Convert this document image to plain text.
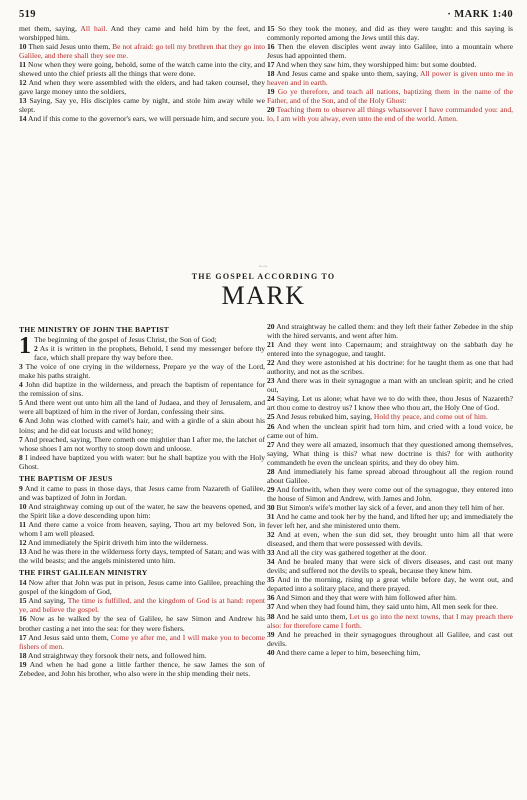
519	· MARK 1:40

met them, saying, All hail. And they came and held him by the feet, and worshipped him.

10 Then said Jesus unto them, Be not afraid: go tell my brethren that they go into Galilee, and there shall they see me.

11 Now when they were going, behold, some of the watch came into the city, and shewed unto the chief priests all the things that were done.

12 And when they were assembled with the elders, and had taken counsel, they gave large money unto the soldiers,

13 Saying, Say ye, His disciples came by night, and stole him away while we slept.

14 And if this come to the governor's ears, we will persuade him, and secure you.

15 So they took the money, and did as they were taught: and this saying is commonly reported among the Jews until this day.

16 Then the eleven disciples went away into Galilee, into a mountain where Jesus had appointed them.

17 And when they saw him, they worshipped him: but some doubted.

18 And Jesus came and spake unto them, saying, All power is given unto me in heaven and in earth.

19 Go ye therefore, and teach all nations, baptizing them in the name of the Father, and of the Son, and of the Holy Ghost:

20 Teaching them to observe all things whatsoever I have commanded you: and, lo, I am with you alway, even unto the end of the world. Amen.

~~
THE GOSPEL ACCORDING TO
MARK
THE MINISTRY OF JOHN THE BAPTIST

1 The beginning of the gospel of Jesus Christ, the Son of God;

2 As it is written in the prophets, Behold, I send my messenger before thy face, which shall prepare thy way before thee.

3 The voice of one crying in the wilderness, Prepare ye the way of the Lord, make his paths straight.

4 John did baptize in the wilderness, and preach the baptism of repentance for the remission of sins.

5 And there went out unto him all the land of Judaea, and they of Jerusalem, and were all baptized of him in the river of Jordan, confessing their sins.

6 And John was clothed with camel's hair, and with a girdle of a skin about his loins; and he did eat locusts and wild honey;

7 And preached, saying, There cometh one mightier than I after me, the latchet of whose shoes I am not worthy to stoop down and unloose.

8 I indeed have baptized you with water: but he shall baptize you with the Holy Ghost.

THE BAPTISM OF JESUS

9 And it came to pass in those days, that Jesus came from Nazareth of Galilee, and was baptized of John in Jordan.

10 And straightway coming up out of the water, he saw the heavens opened, and the Spirit like a dove descending upon him:

11 And there came a voice from heaven, saying, Thou art my beloved Son, in whom I am well pleased.

12 And immediately the Spirit driveth him into the wilderness.

13 And he was there in the wilderness forty days, tempted of Satan; and was with the wild beasts; and the angels ministered unto him.

THE FIRST GALILEAN MINISTRY

14 Now after that John was put in prison, Jesus came into Galilee, preaching the gospel of the kingdom of God,

15 And saying, The time is fulfilled, and the kingdom of God is at hand: repent ye, and believe the gospel.

16 Now as he walked by the sea of Galilee, he saw Simon and Andrew his brother casting a net into the sea: for they were fishers.

17 And Jesus said unto them, Come ye after me, and I will make you to become fishers of men.

18 And straightway they forsook their nets, and followed him.

19 And when he had gone a little farther thence, he saw James the son of Zebedee, and John his brother, who also were in the ship mending their nets.

20 And straightway he called them: and they left their father Zebedee in the ship with the hired servants, and went after him.

21 And they went into Capernaum; and straightway on the sabbath day he entered into the synagogue, and taught.

22 And they were astonished at his doctrine: for he taught them as one that had authority, and not as the scribes.

23 And there was in their synagogue a man with an unclean spirit; and he cried out,

24 Saying, Let us alone; what have we to do with thee, thou Jesus of Nazareth? art thou come to destroy us? I know thee who thou art, the Holy One of God.

25 And Jesus rebuked him, saying, Hold thy peace, and come out of him.

26 And when the unclean spirit had torn him, and cried with a loud voice, he came out of him.

27 And they were all amazed, insomuch that they questioned among themselves, saying, What thing is this? what new doctrine is this? for with authority commandeth he even the unclean spirits, and they do obey him.

28 And immediately his fame spread abroad throughout all the region round about Galilee.

29 And forthwith, when they were come out of the synagogue, they entered into the house of Simon and Andrew, with James and John.

30 But Simon's wife's mother lay sick of a fever, and anon they tell him of her.

31 And he came and took her by the hand, and lifted her up; and immediately the fever left her, and she ministered unto them.

32 And at even, when the sun did set, they brought unto him all that were diseased, and them that were possessed with devils.

33 And all the city was gathered together at the door.

34 And he healed many that were sick of divers diseases, and cast out many devils; and suffered not the devils to speak, because they knew him.

35 And in the morning, rising up a great while before day, he went out, and departed into a solitary place, and there prayed.

36 And Simon and they that were with him followed after him.

37 And when they had found him, they said unto him, All men seek for thee.

38 And he said unto them, Let us go into the next towns, that I may preach there also: for therefore came I forth.

39 And he preached in their synagogues throughout all Galilee, and cast out devils.

40 And there came a leper to him, beseeching him,
